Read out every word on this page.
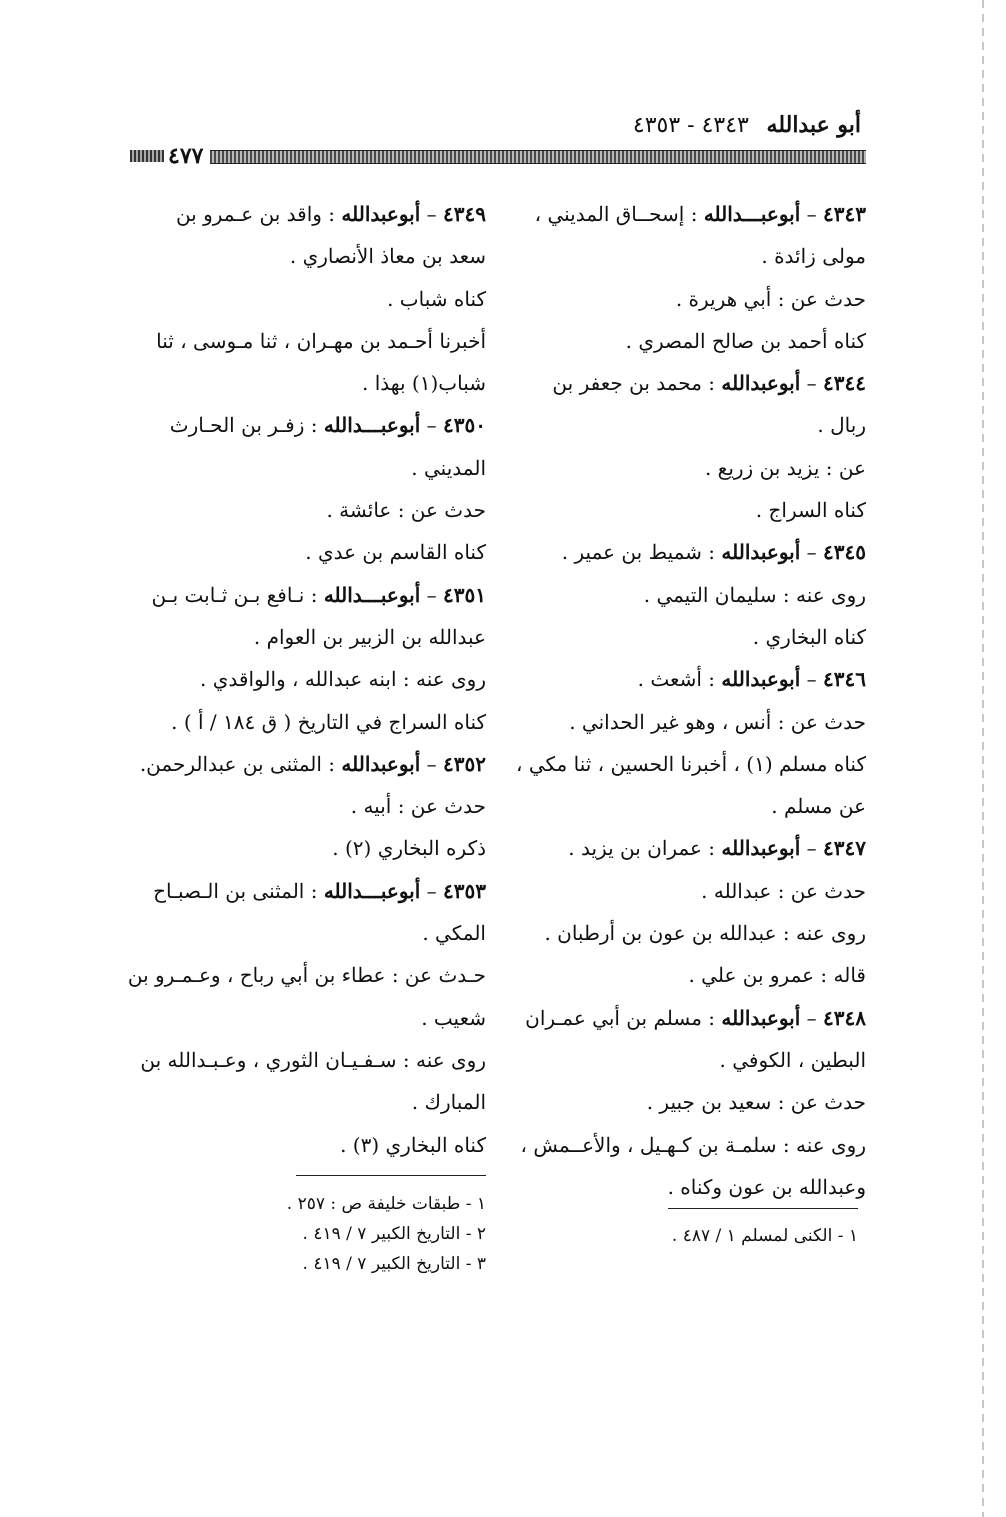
أبو عبدالله ٤٣٤٣ - ٤٣٥٣
٤٧٧
٤٣٤٣ – أبوعبـــدالله : إسحــاق المديني ،
مولى زائدة .
حدث عن : أبي هريرة .
كناه أحمد بن صالح المصري .
٤٣٤٤ – أبوعبدالله : محمد بن جعفر بن
ربال .
عن : يزيد بن زريع .
كناه السراج .
٤٣٤٥ – أبوعبدالله : شميط بن عمير .
روى عنه : سليمان التيمي .
كناه البخاري .
٤٣٤٦ – أبوعبدالله : أشعث .
حدث عن : أنس ، وهو غير الحداني .
كناه مسلم (١) ، أخبرنا الحسين ، ثنا مكي ،
عن مسلم .
٤٣٤٧ – أبوعبدالله : عمران بن يزيد .
حدث عن : عبدالله .
روى عنه : عبدالله بن عون بن أرطبان .
قاله : عمرو بن علي .
٤٣٤٨ – أبوعبدالله : مسلم بن أبي عمـران
البطين ، الكوفي .
حدث عن : سعيد بن جبير .
روى عنه : سلمـة بن كـهـيل ، والأعــمش ،
وعبدالله بن عون وكناه .
٤٣٤٩ – أبوعبدالله : واقد بن عـمرو بن
سعد بن معاذ الأنصاري .
كناه شباب .
أخبرنا أحـمد بن مهـران ، ثنا مـوسى ، ثنا
شباب(١) بهذا .
٤٣٥٠ – أبوعبـــدالله : زفـر بن الحـارث
المديني .
حدث عن : عائشة .
كناه القاسم بن عدي .
٤٣٥١ – أبوعبـــدالله : نـافع بـن ثـابت بـن
عبدالله بن الزبير بن العوام .
روى عنه : ابنه عبدالله ، والواقدي .
كناه السراج في التاريخ ( ق ١٨٤ / أ ) .
٤٣٥٢ – أبوعبدالله : المثنى بن عبدالرحمن.
حدث عن : أبيه .
ذكره البخاري (٢) .
٤٣٥٣ – أبوعبـــدالله : المثنى بن الـصبـاح
المكي .
حـدث عن : عطاء بن أبي رباح ، وعـمـرو بن
شعيب .
روى عنه : سـفـيـان الثوري ، وعـبـدالله بن
المبارك .
كناه البخاري (٣) .
١ - الكنى لمسلم ١ / ٤٨٧ .
١ - طبقات خليفة ص : ٢٥٧ .
٢ - التاريخ الكبير ٧ / ٤١٩ .
٣ - التاريخ الكبير ٧ / ٤١٩ .
